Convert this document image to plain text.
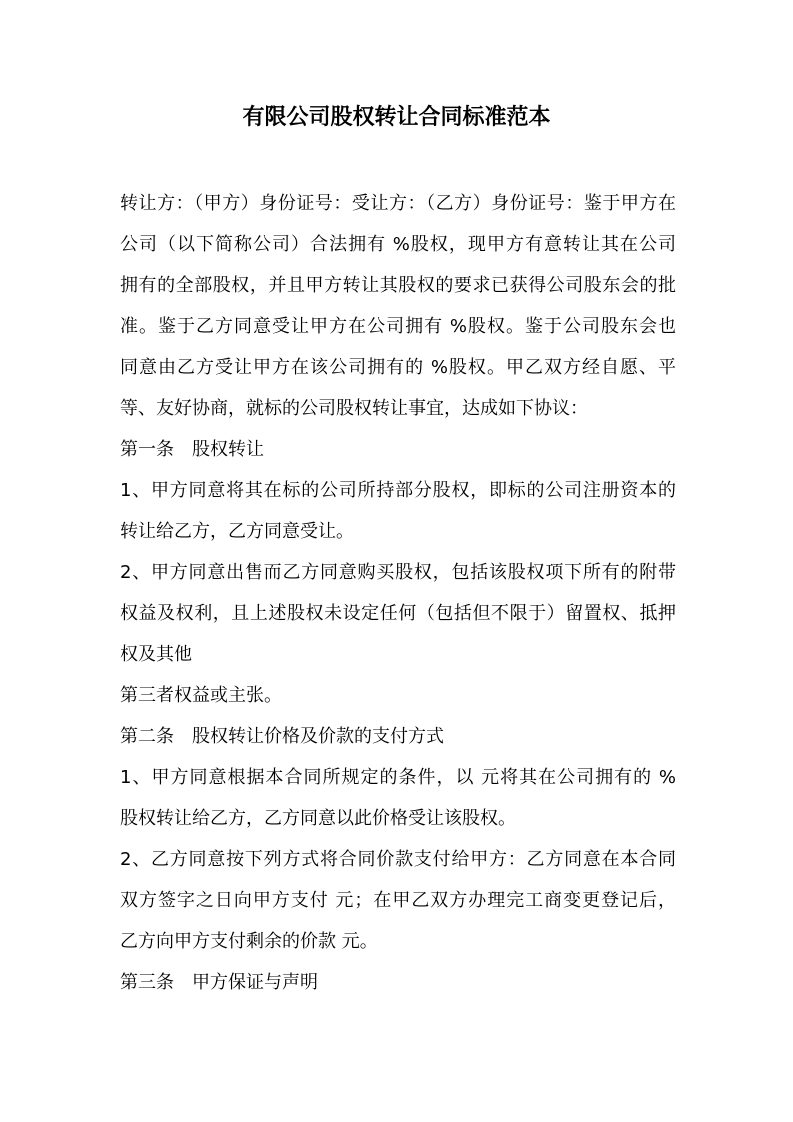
有限公司股权转让合同标准范本
转让方：（甲方）身份证号：受让方：（乙方）身份证号：鉴于甲方在
公司（以下简称公司）合法拥有 %股权，现甲方有意转让其在公司
拥有的全部股权，并且甲方转让其股权的要求已获得公司股东会的批
准。鉴于乙方同意受让甲方在公司拥有 %股权。鉴于公司股东会也
同意由乙方受让甲方在该公司拥有的 %股权。甲乙双方经自愿、平
等、友好协商，就标的公司股权转让事宜，达成如下协议：
第一条　股权转让
1、甲方同意将其在标的公司所持部分股权，即标的公司注册资本的
转让给乙方，乙方同意受让。
2、甲方同意出售而乙方同意购买股权，包括该股权项下所有的附带
权益及权利，且上述股权未设定任何（包括但不限于）留置权、抵押
权及其他
第三者权益或主张。
第二条　股权转让价格及价款的支付方式
1、甲方同意根据本合同所规定的条件，以 元将其在公司拥有的 %
股权转让给乙方，乙方同意以此价格受让该股权。
2、乙方同意按下列方式将合同价款支付给甲方：乙方同意在本合同
双方签字之日向甲方支付 元；在甲乙双方办理完工商变更登记后，
乙方向甲方支付剩余的价款 元。
第三条　甲方保证与声明
